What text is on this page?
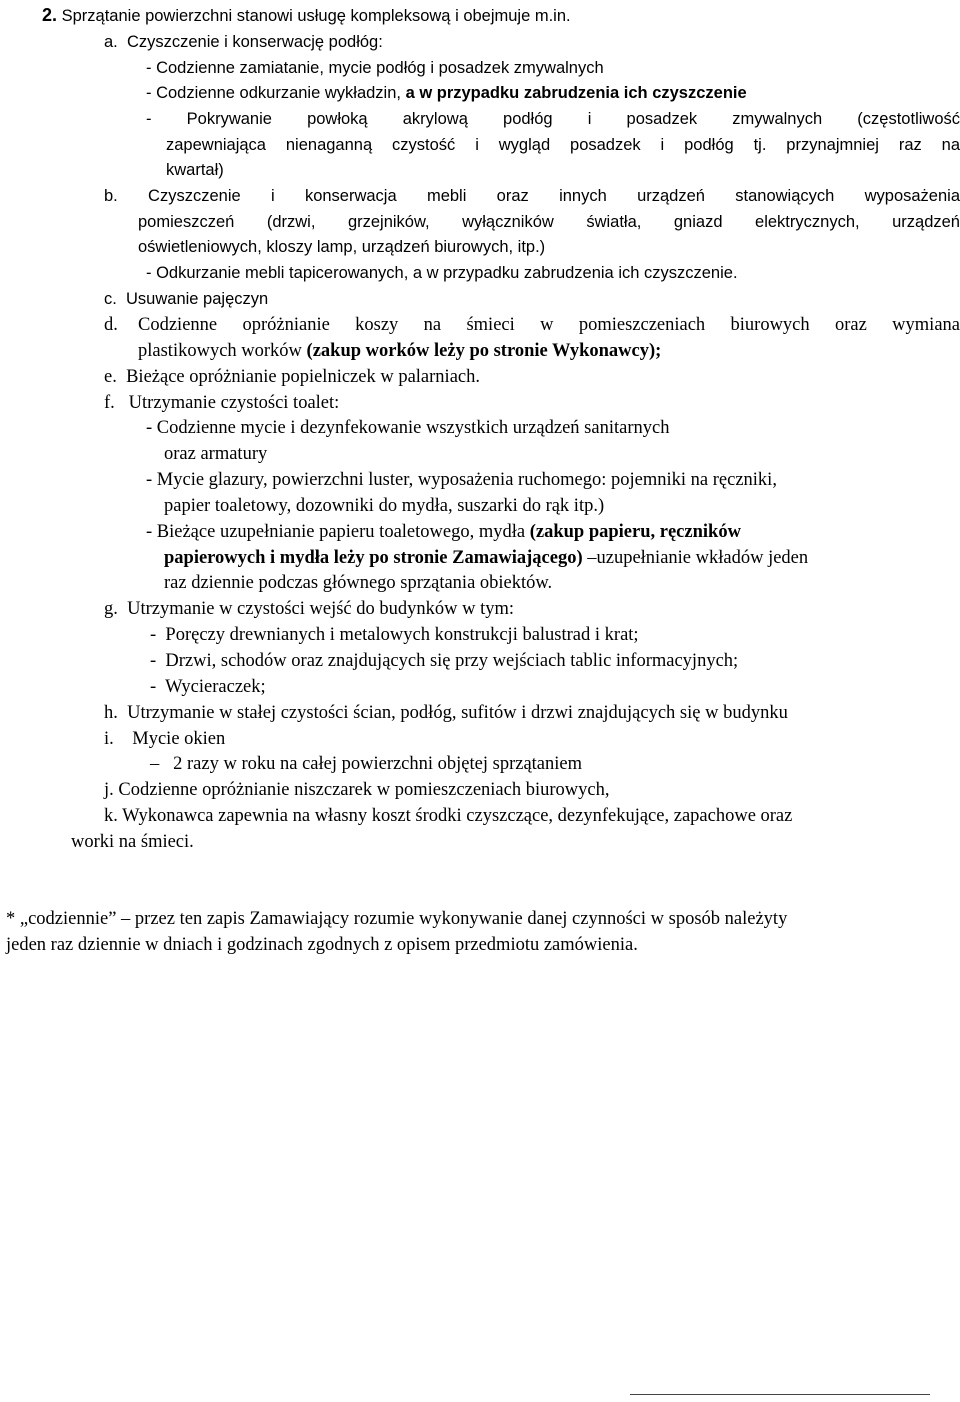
2. Sprzątanie powierzchni stanowi usługę kompleksową i obejmuje m.in.
a. Czyszczenie i konserwację podłóg:
- Codzienne zamiatanie, mycie podłóg i posadzek zmywalnych
- Codzienne odkurzanie wykładzin, a w przypadku zabrudzenia ich czyszczenie
- Pokrywanie powłoką akrylową podłóg i posadzek zmywalnych (częstotliwość
zapewniająca nienaganną czystość i wygląd posadzek i podłóg tj. przynajmniej raz na
kwartał)
b. Czyszczenie i konserwacja mebli oraz innych urządzeń stanowiących wyposażenia
pomieszczeń (drzwi, grzejników, wyłączników światła, gniazd elektrycznych, urządzeń
oświetleniowych, kloszy lamp, urządzeń biurowych, itp.)
- Odkurzanie mebli tapicerowanych, a w przypadku zabrudzenia ich czyszczenie.
c. Usuwanie pajęczyn
d. Codzienne opróżnianie koszy na śmieci w pomieszczeniach biurowych oraz wymiana
plastikowych worków (zakup worków leży po stronie Wykonawcy);
e. Bieżące opróżnianie popielniczek w palarniach.
f. Utrzymanie czystości toalet:
- Codzienne mycie i dezynfekowanie wszystkich urządzeń sanitarnych
oraz armatury
- Mycie glazury, powierzchni luster, wyposażenia ruchomego: pojemniki na ręczniki,
papier toaletowy, dozowniki do mydła, suszarki do rąk itp.)
- Bieżące uzupełnianie papieru toaletowego, mydła (zakup papieru, ręczników
papierowych i mydła leży po stronie Zamawiającego) –uzupełnianie wkładów jeden
raz dziennie podczas głównego sprzątania obiektów.
g. Utrzymanie w czystości wejść do budynków w tym:
-  Poręczy drewnianych i metalowych konstrukcji balustrad i krat;
-  Drzwi, schodów oraz znajdujących się przy wejściach tablic informacyjnych;
-  Wycieraczek;
h. Utrzymanie w stałej czystości ścian, podłóg, sufitów i drzwi znajdujących się w budynku
i. Mycie okien
–   2 razy w roku na całej powierzchni objętej sprzątaniem
j. Codzienne opróżnianie niszczarek w pomieszczeniach biurowych,
k. Wykonawca zapewnia na własny koszt środki czyszczące, dezynfekujące, zapachowe oraz
worki na śmieci.
* „codziennie” – przez ten zapis Zamawiający rozumie wykonywanie danej czynności w sposób należyty
jeden raz dziennie w dniach i godzinach zgodnych z opisem przedmiotu zamówienia.
